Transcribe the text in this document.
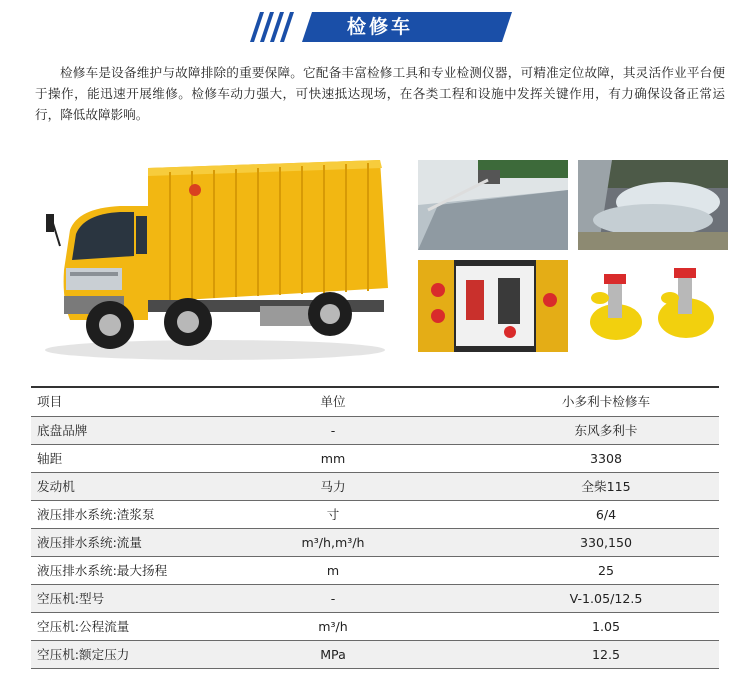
检修车
检修车是设备维护与故障排除的重要保障。它配备丰富检修工具和专业检测仪器，可精准定位故障，其灵活作业平台便于操作，能迅速开展维修。检修车动力强大，可快速抵达现场，在各类工程和设施中发挥关键作用，有力确保设备正常运行，降低故障影响。
项目	单位	小多利卡检修车
底盘品牌	-	东风多利卡
轴距	mm	3308
发动机	马力	全柴115
液压排水系统:渣浆泵	寸	6/4
液压排水系统:流量	m³/h,m³/h	330,150
液压排水系统:最大扬程	m	25
空压机:型号	-	V-1.05/12.5
空压机:公程流量	m³/h	1.05
空压机:额定压力	MPa	12.5
